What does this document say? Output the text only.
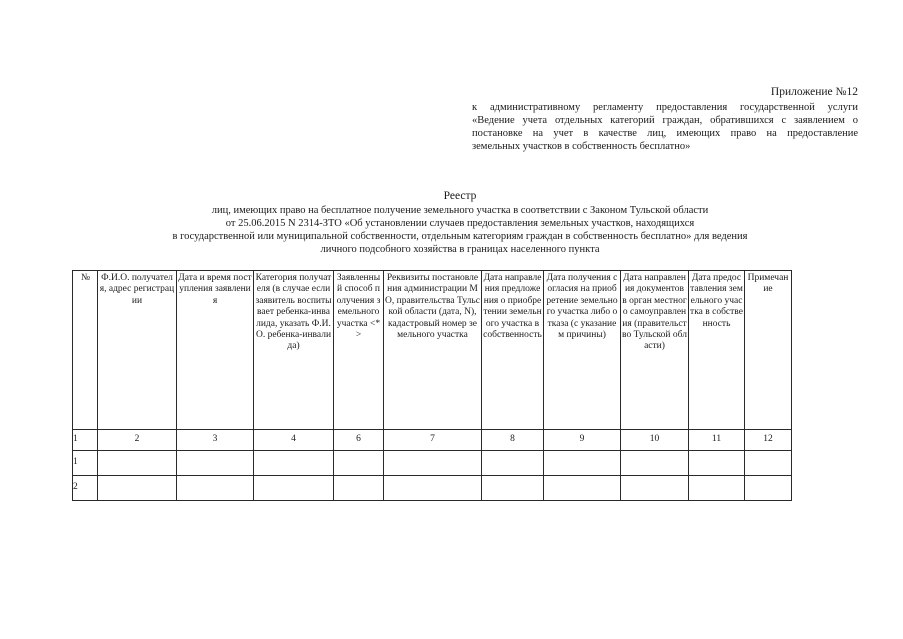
Приложение №12
к административному регламенту предоставления государственной услуги
«Ведение учета отдельных категорий граждан, обратившихся с заявлением о
постановке на учет в качестве лиц, имеющих право на предоставление
земельных участков в собственность бесплатно»
Реестр
лиц, имеющих право на бесплатное получение земельного участка в соответствии с Законом Тульской области
от 25.06.2015 N 2314-ЗТО «Об установлении случаев предоставления земельных участков, находящихся
в государственной или муниципальной собственности, отдельным категориям граждан в собственность бесплатно» для ведения
личного подсобного хозяйства в границах населенного пункта
№	Ф.И.О. получателя, адрес регистрации	Дата и время поступления заявления	Категория получателя (в случае если заявитель воспитывает ребенка-инвалида, указать Ф.И.О. ребенка-инвалида)	Заявленный способ получения земельного участка <*>	Реквизиты постановления администрации МО, правительства Тульской области (дата, N), кадастровый номер земельного участка	Дата направления предложения о приобретении земельного участка в собственность	Дата получения согласия на приобретение земельного участка либо отказа (с указанием причины)	Дата направления документов в орган местного самоуправления (правительство Тульской области)	Дата предоставления земельного участка в собственность	Примечание
1	2	3	4	6	7	8	9	10	11	12
1										
2										
